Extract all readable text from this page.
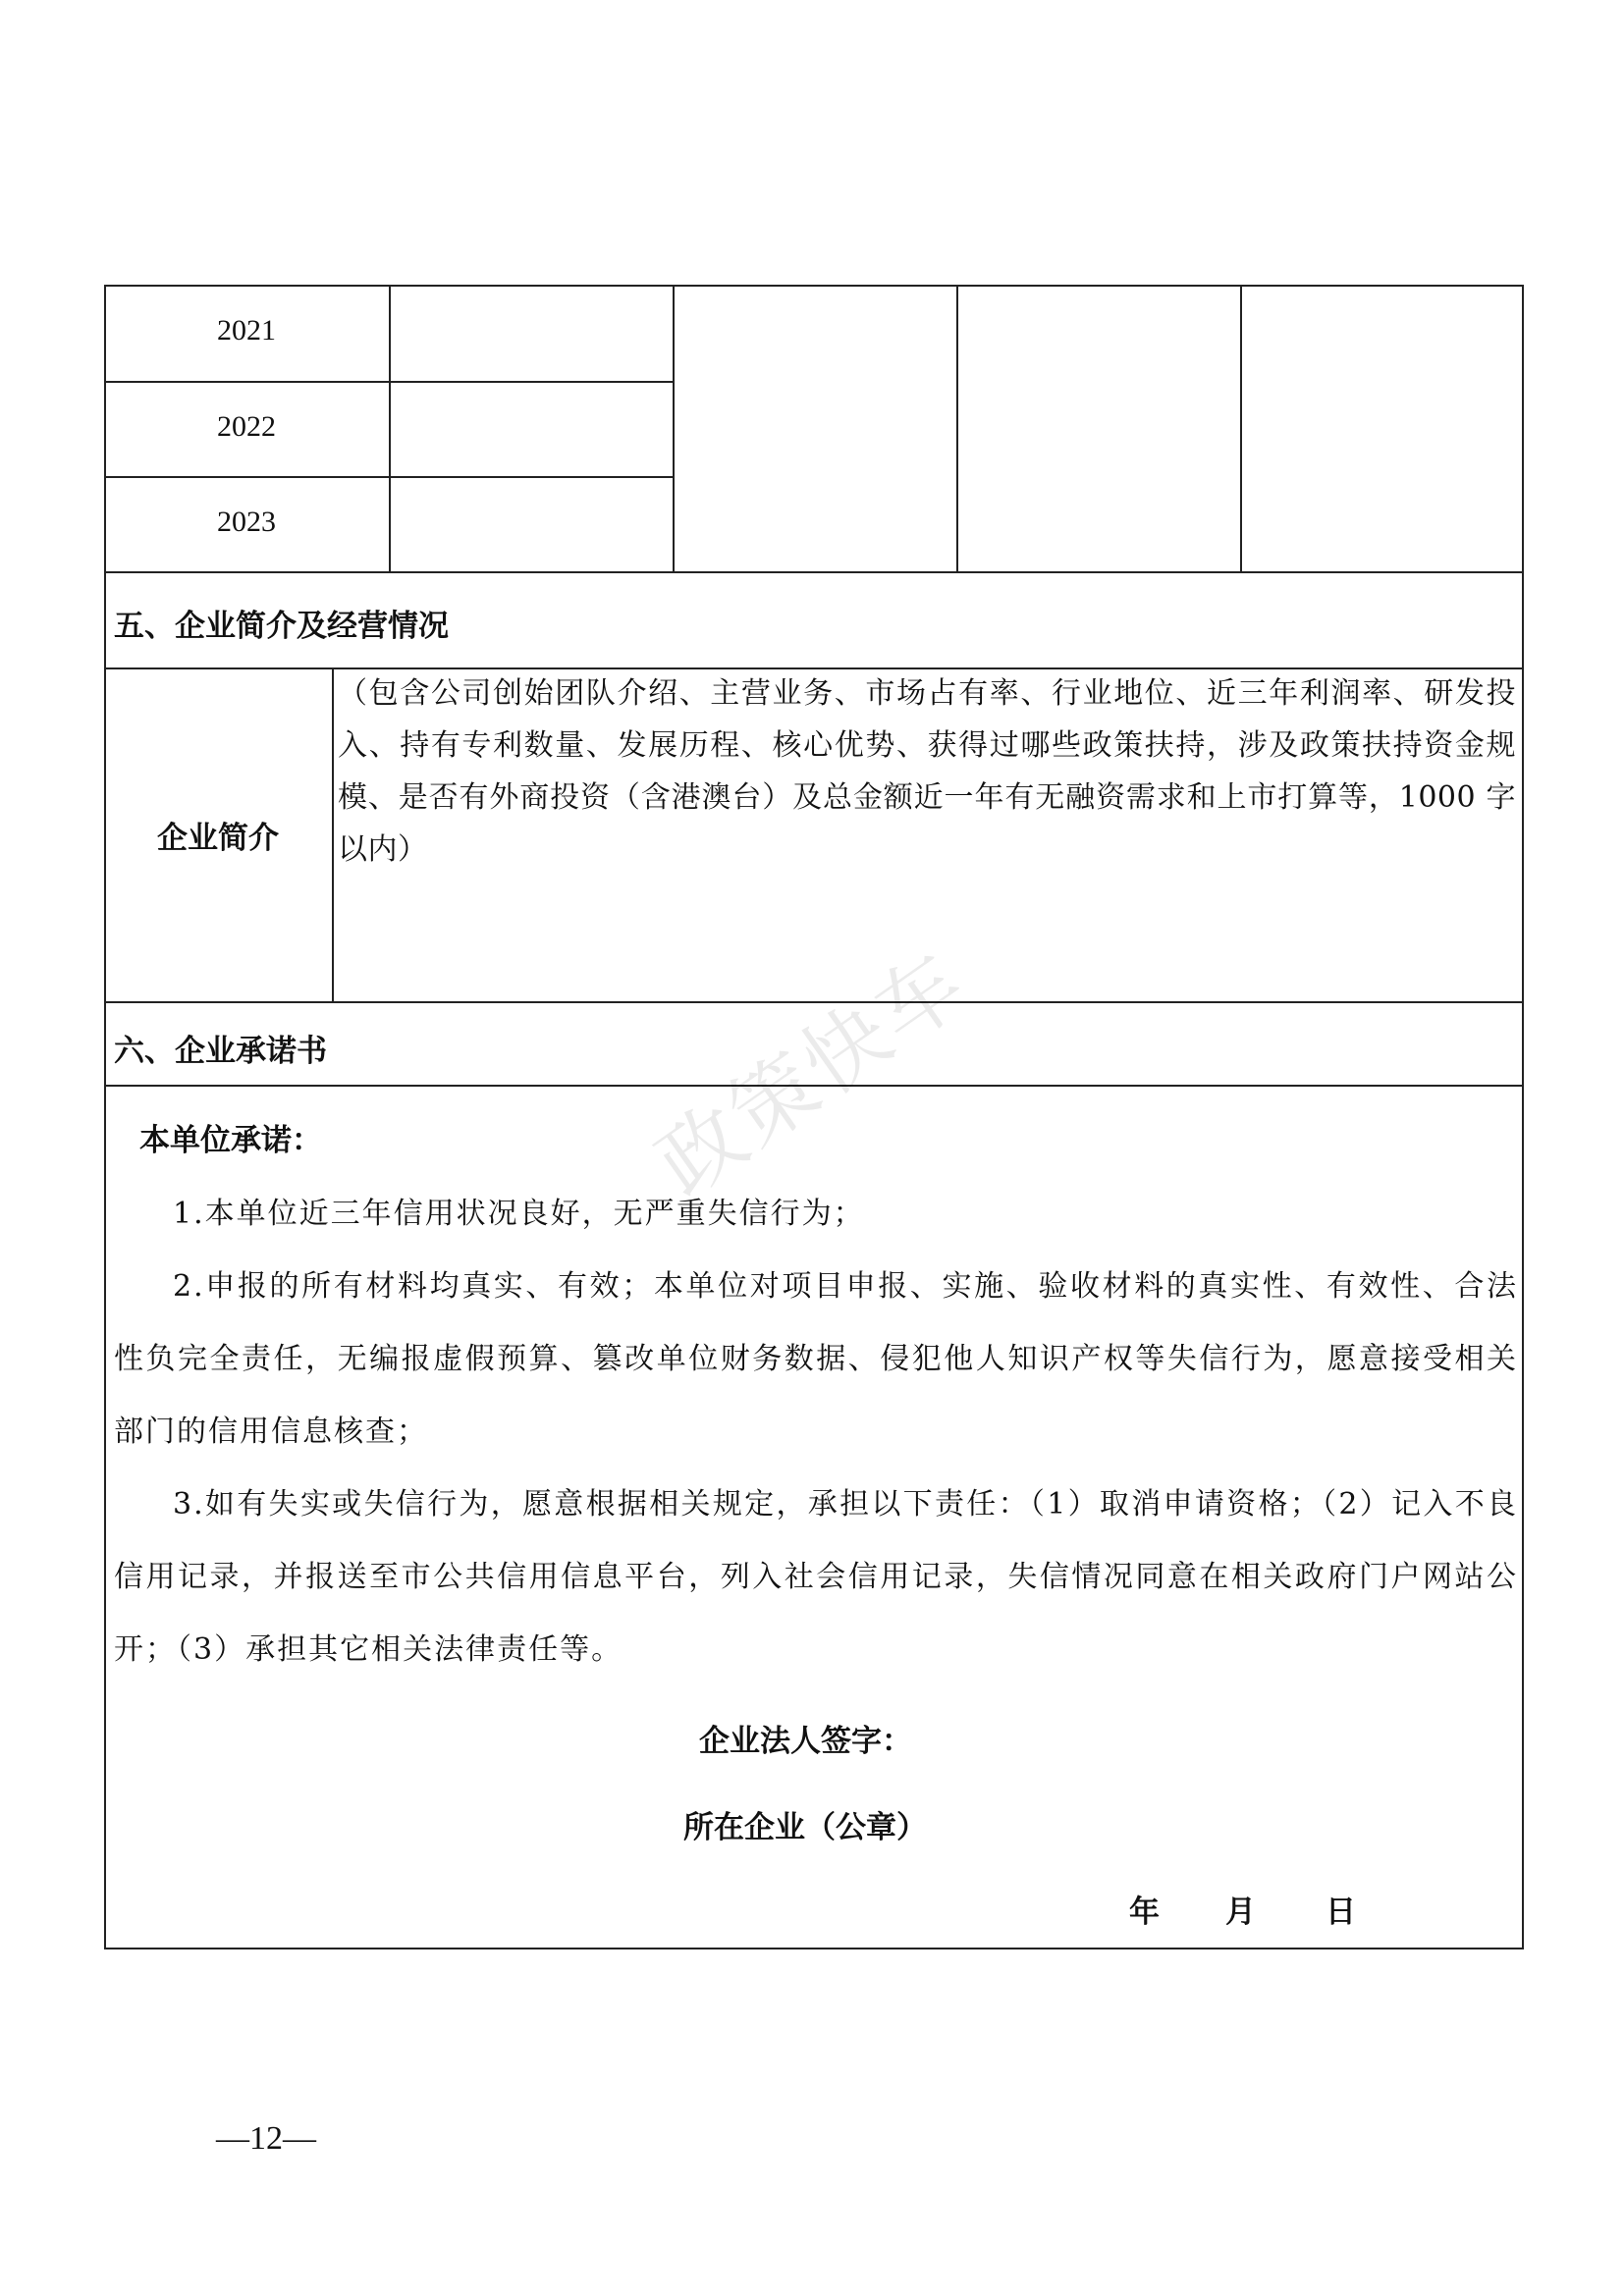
2021
2022
2023
五、企业简介及经营情况
企业简介
（包含公司创始团队介绍、主营业务、市场占有率、行业地位、近三年利润率、研发投入、持有专利数量、发展历程、核心优势、获得过哪些政策扶持，涉及政策扶持资金规模、是否有外商投资（含港澳台）及总金额近一年有无融资需求和上市打算等，1000 字以内）
六、企业承诺书
本单位承诺：
1.本单位近三年信用状况良好，无严重失信行为；
2.申报的所有材料均真实、有效；本单位对项目申报、实施、验收材料的真实性、有效性、合法性负完全责任，无编报虚假预算、篡改单位财务数据、侵犯他人知识产权等失信行为，愿意接受相关部门的信用信息核查；
3.如有失实或失信行为，愿意根据相关规定，承担以下责任：（1）取消申请资格；（2）记入不良信用记录，并报送至市公共信用信息平台，列入社会信用记录，失信情况同意在相关政府门户网站公开；（3）承担其它相关法律责任等。
企业法人签字：
所在企业（公章）
年 月 日
政策快车
—12—
